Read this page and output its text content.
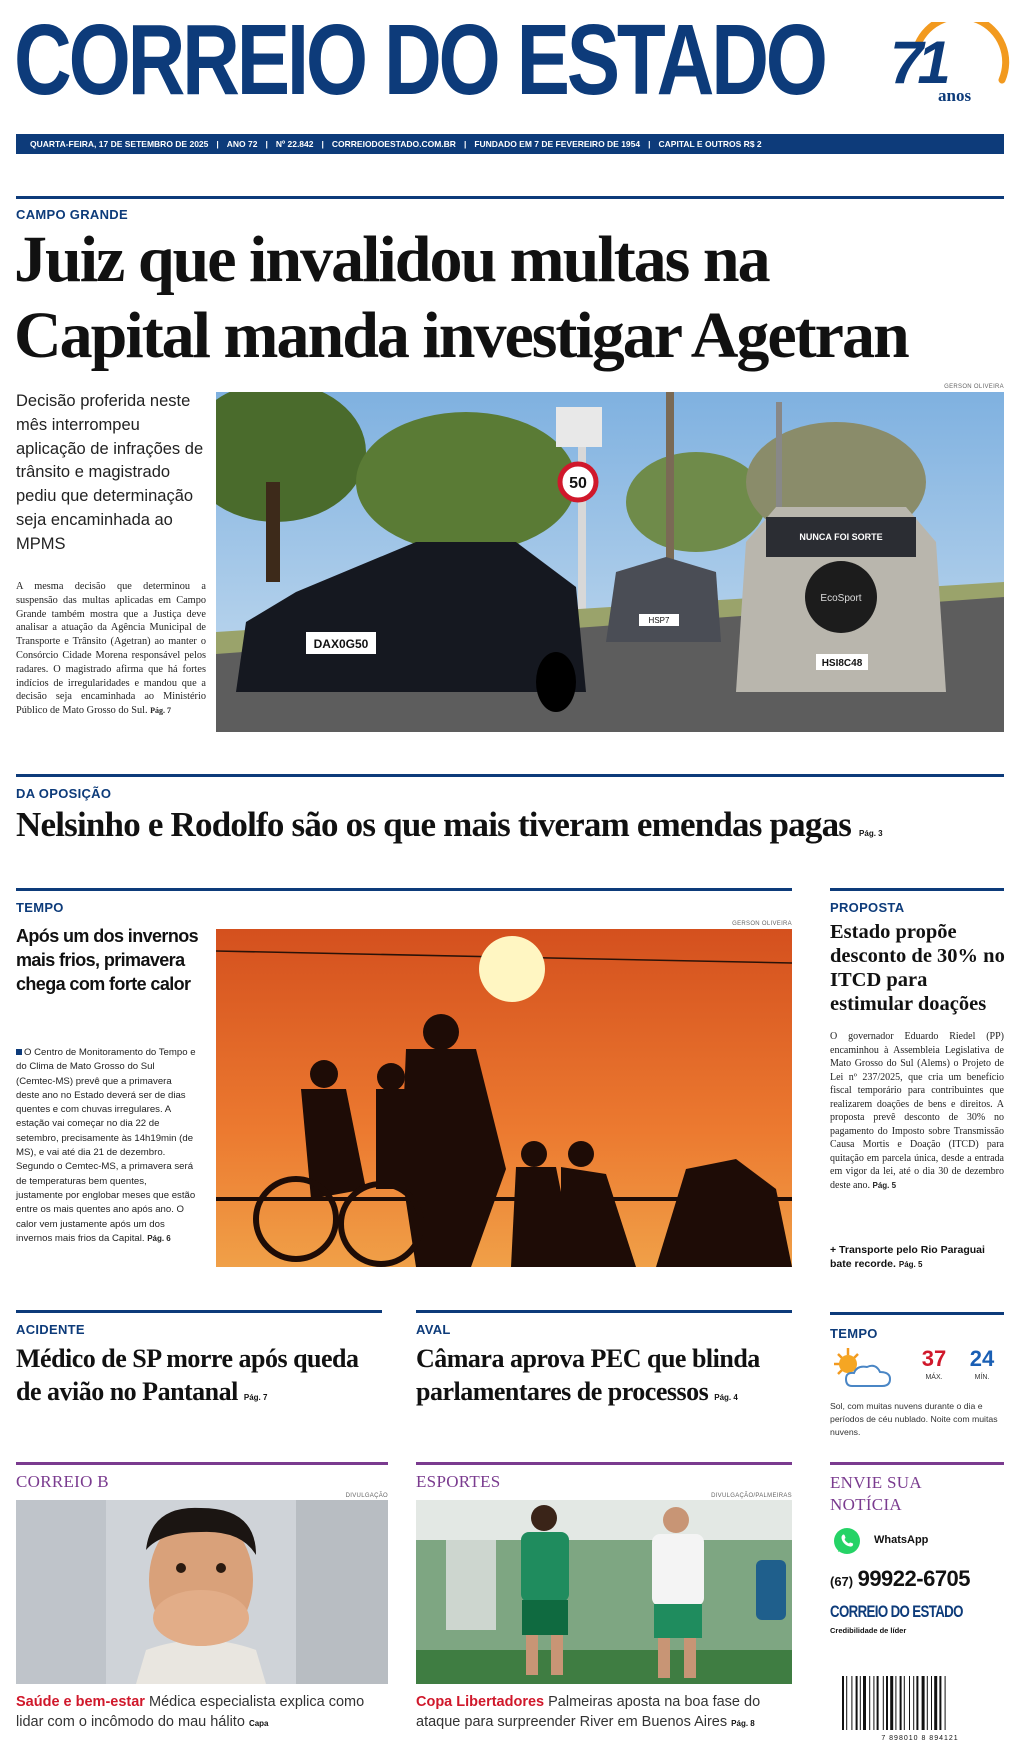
CORREIO DO ESTADO 71
anos
QUARTA-FEIRA, 17 DE SETEMBRO DE 2025 | ANO 72 | Nº 22.842 | CORREIODOESTADO.COM.BR | FUNDADO EM 7 DE FEVEREIRO DE 1954 | CAPITAL E OUTROS R$ 2
CAMPO GRANDE
Juiz que invalidou multas na
Capital manda investigar Agetran
Decisão proferida neste mês interrompeu aplicação de infrações de trânsito e magistrado pediu que determinação seja encaminhada ao MPMS
A mesma decisão que determinou a suspensão das multas aplicadas em Campo Grande também mostra que a Justiça deve analisar a atuação da Agência Municipal de Transporte e Trânsito (Agetran) ao manter o Consórcio Cidade Morena responsável pelos radares. O magistrado afirma que há fortes indícios de irregularidades e mandou que a decisão seja encaminhada ao Ministério Público de Mato Grosso do Sul. Pág. 7
GERSON OLIVEIRA
50
DAX0G50
HSP7
NUNCA FOI SORTE
EcoSport
HSI8C48
DA OPOSIÇÃO
Nelsinho e Rodolfo são os que mais tiveram emendas pagas Pág. 3
TEMPO
Após um dos invernos mais frios, primavera chega com forte calor
O Centro de Monitoramento do Tempo e do Clima de Mato Grosso do Sul (Cemtec-MS) prevê que a primavera deste ano no Estado deverá ser de dias quentes e com chuvas irregulares. A estação vai começar no dia 22 de setembro, precisamente às 14h19min (de MS), e vai até dia 21 de dezembro. Segundo o Cemtec-MS, a primavera será de temperaturas bem quentes, justamente por englobar meses que estão entre os mais quentes ano após ano. O calor vem justamente após um dos invernos mais frios da Capital. Pág. 6
GERSON OLIVEIRA
PROPOSTA
Estado propõe desconto de 30% no ITCD para estimular doações
O governador Eduardo Riedel (PP) encaminhou à Assembleia Legislativa de Mato Grosso do Sul (Alems) o Projeto de Lei nº 237/2025, que cria um benefício fiscal temporário para contribuintes que realizarem doações de bens e direitos. A proposta prevê desconto de 30% no pagamento do Imposto sobre Transmissão Causa Mortis e Doação (ITCD) para quitação em parcela única, desde a entrada em vigor da lei, até o dia 30 de dezembro deste ano. Pág. 5
+ Transporte pelo Rio Paraguai bate recorde. Pág. 5
ACIDENTE
Médico de SP morre após queda de avião no Pantanal Pág. 7
AVAL
Câmara aprova PEC que blinda parlamentares de processos Pág. 4
TEMPO
37
MÁX.
24
MÍN.
Sol, com muitas nuvens durante o dia e períodos de céu nublado. Noite com muitas nuvens.
CORREIO B
DIVULGAÇÃO
Saúde e bem-estar Médica especialista explica como lidar com o incômodo do mau hálito Capa
ESPORTES
DIVULGAÇÃO/PALMEIRAS
Copa Libertadores Palmeiras aposta na boa fase do ataque para surpreender River em Buenos Aires Pág. 8
ENVIE SUA
NOTÍCIA
WhatsApp
(67) 99922-6705
CORREIO DO ESTADO
Credibilidade de líder
7 898010 8 894121
